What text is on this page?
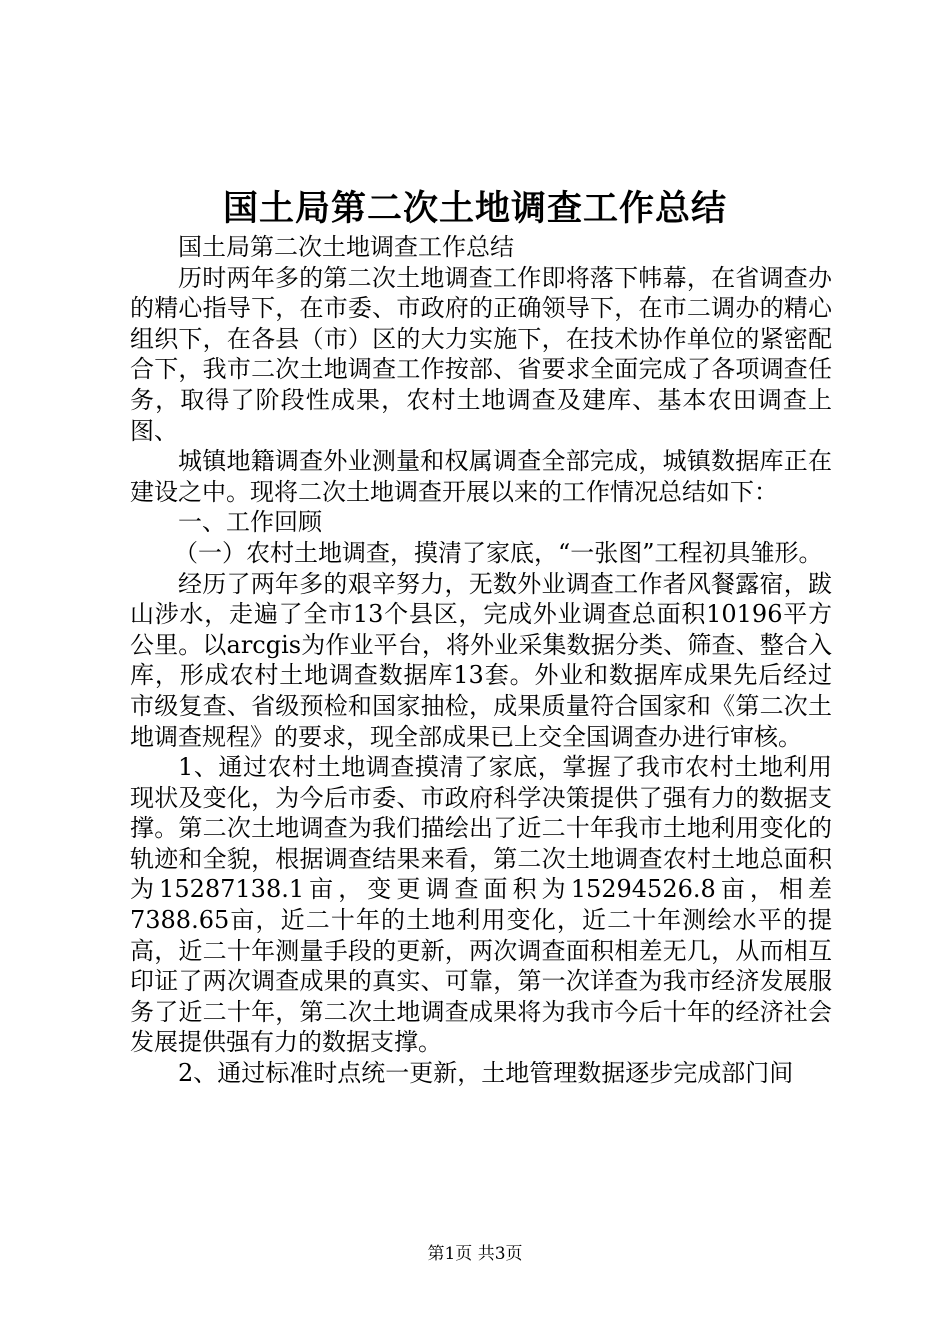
国土局第二次土地调查工作总结

国土局第二次土地调查工作总结

历时两年多的第二次土地调查工作即将落下帏幕，在省调查办的精心指导下，在市委、市政府的正确领导下，在市二调办的精心组织下，在各县（市）区的大力实施下，在技术协作单位的紧密配合下，我市二次土地调查工作按部、省要求全面完成了各项调查任务，取得了阶段性成果，农村土地调查及建库、基本农田调查上图、

城镇地籍调查外业测量和权属调查全部完成，城镇数据库正在建设之中。现将二次土地调查开展以来的工作情况总结如下：

一、工作回顾

（一）农村土地调查，摸清了家底，“一张图”工程初具雏形。

经历了两年多的艰辛努力，无数外业调查工作者风餐露宿，跋山涉水，走遍了全市13个县区，完成外业调查总面积10196平方公里。以arcgis为作业平台，将外业采集数据分类、筛查、整合入库，形成农村土地调查数据库13套。外业和数据库成果先后经过市级复查、省级预检和国家抽检，成果质量符合国家和《第二次土地调查规程》的要求，现全部成果已上交全国调查办进行审核。

1、通过农村土地调查摸清了家底，掌握了我市农村土地利用现状及变化，为今后市委、市政府科学决策提供了强有力的数据支撑。第二次土地调查为我们描绘出了近二十年我市土地利用变化的轨迹和全貌，根据调查结果来看，第二次土地调查农村土地总面积为15287138.1亩，变更调查面积为15294526.8亩，相差7388.65亩，近二十年的土地利用变化，近二十年测绘水平的提高，近二十年测量手段的更新，两次调查面积相差无几，从而相互印证了两次调查成果的真实、可靠，第一次详查为我市经济发展服务了近二十年，第二次土地调查成果将为我市今后十年的经济社会发展提供强有力的数据支撑。

2、通过标准时点统一更新，土地管理数据逐步完成部门间

第1页 共3页
